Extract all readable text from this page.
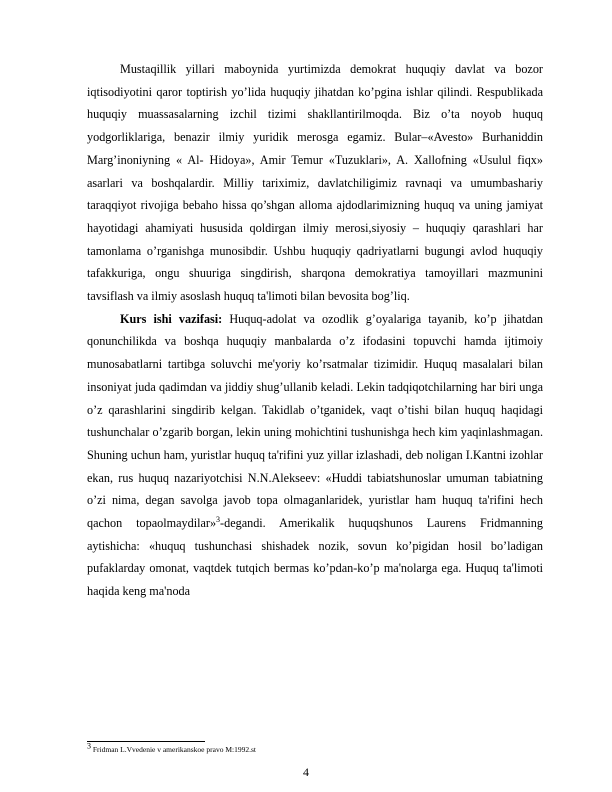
Mustaqillik yillari maboynida yurtimizda demokrat huquqiy davlat va bozor iqtisodiyotini qaror toptirish yo’lida huquqiy jihatdan ko’pgina ishlar qilindi. Respublikada huquqiy muassasalarning izchil tizimi shakllantirilmoqda. Biz o’ta noyob huquq yodgorliklariga, benazir ilmiy yuridik merosga egamiz. Bular–«Avesto» Burhaniddin Marg’inoniyning « Al- Hidoya», Amir Temur «Tuzuklari», A. Xallofning «Usulul fiqx» asarlari va boshqalardir. Milliy tariximiz, davlatchiligimiz ravnaqi va umumbashariy taraqqiyot rivojiga bebaho hissa qo’shgan alloma ajdodlarimizning huquq va uning jamiyat hayotidagi ahamiyati hususida qoldirgan ilmiy merosi,siyosiy – huquqiy qarashlari har tamonlama o’rganishga munosibdir. Ushbu huquqiy qadriyatlarni bugungi avlod huquqiy tafakkuriga, ongu shuuriga singdirish, sharqona demokratiya tamoyillari mazmunini tavsiflash va ilmiy asoslash huquq ta'limoti bilan bevosita bog’liq.

Kurs ishi vazifasi: Huquq-adolat va ozodlik g’oyalariga tayanib, ko’p jihatdan qonunchilikda va boshqa huquqiy manbalarda o’z ifodasini topuvchi hamda ijtimoiy munosabatlarni tartibga soluvchi me'yoriy ko’rsatmalar tizimidir. Huquq masalalari bilan insoniyat juda qadimdan va jiddiy shug’ullanib keladi. Lekin tadqiqotchilarning har biri unga o’z qarashlarini singdirib kelgan. Takidlab o’tganidek, vaqt o’tishi bilan huquq haqidagi tushunchalar o’zgarib borgan, lekin uning mohichtini tushunishga hech kim yaqinlashmagan. Shuning uchun ham, yuristlar huquq ta'rifini yuz yillar izlashadi, deb noligan I.Kantni izohlar ekan, rus huquq nazariyotchisi N.N.Alekseev: «Huddi tabiatshunoslar umuman tabiatning o’zi nima, degan savolga javob topa olmaganlaridek, yuristlar ham huquq ta'rifini hech qachon topaolmaydilar»$^3$-degandi. Amerikalik huquqshunos Laurens Fridmanning aytishicha: «huquq tushunchasi shishadek nozik, sovun ko’pigidan hosil bo’ladigan pufaklarday omonat, vaqtdek tutqich bermas ko’pdan-ko’p ma'nolarga ega. Huquq ta'limoti haqida keng ma'noda

$^3$ Fridman L.Vvedenie v amerikanskoe pravo M:1992.st
4
